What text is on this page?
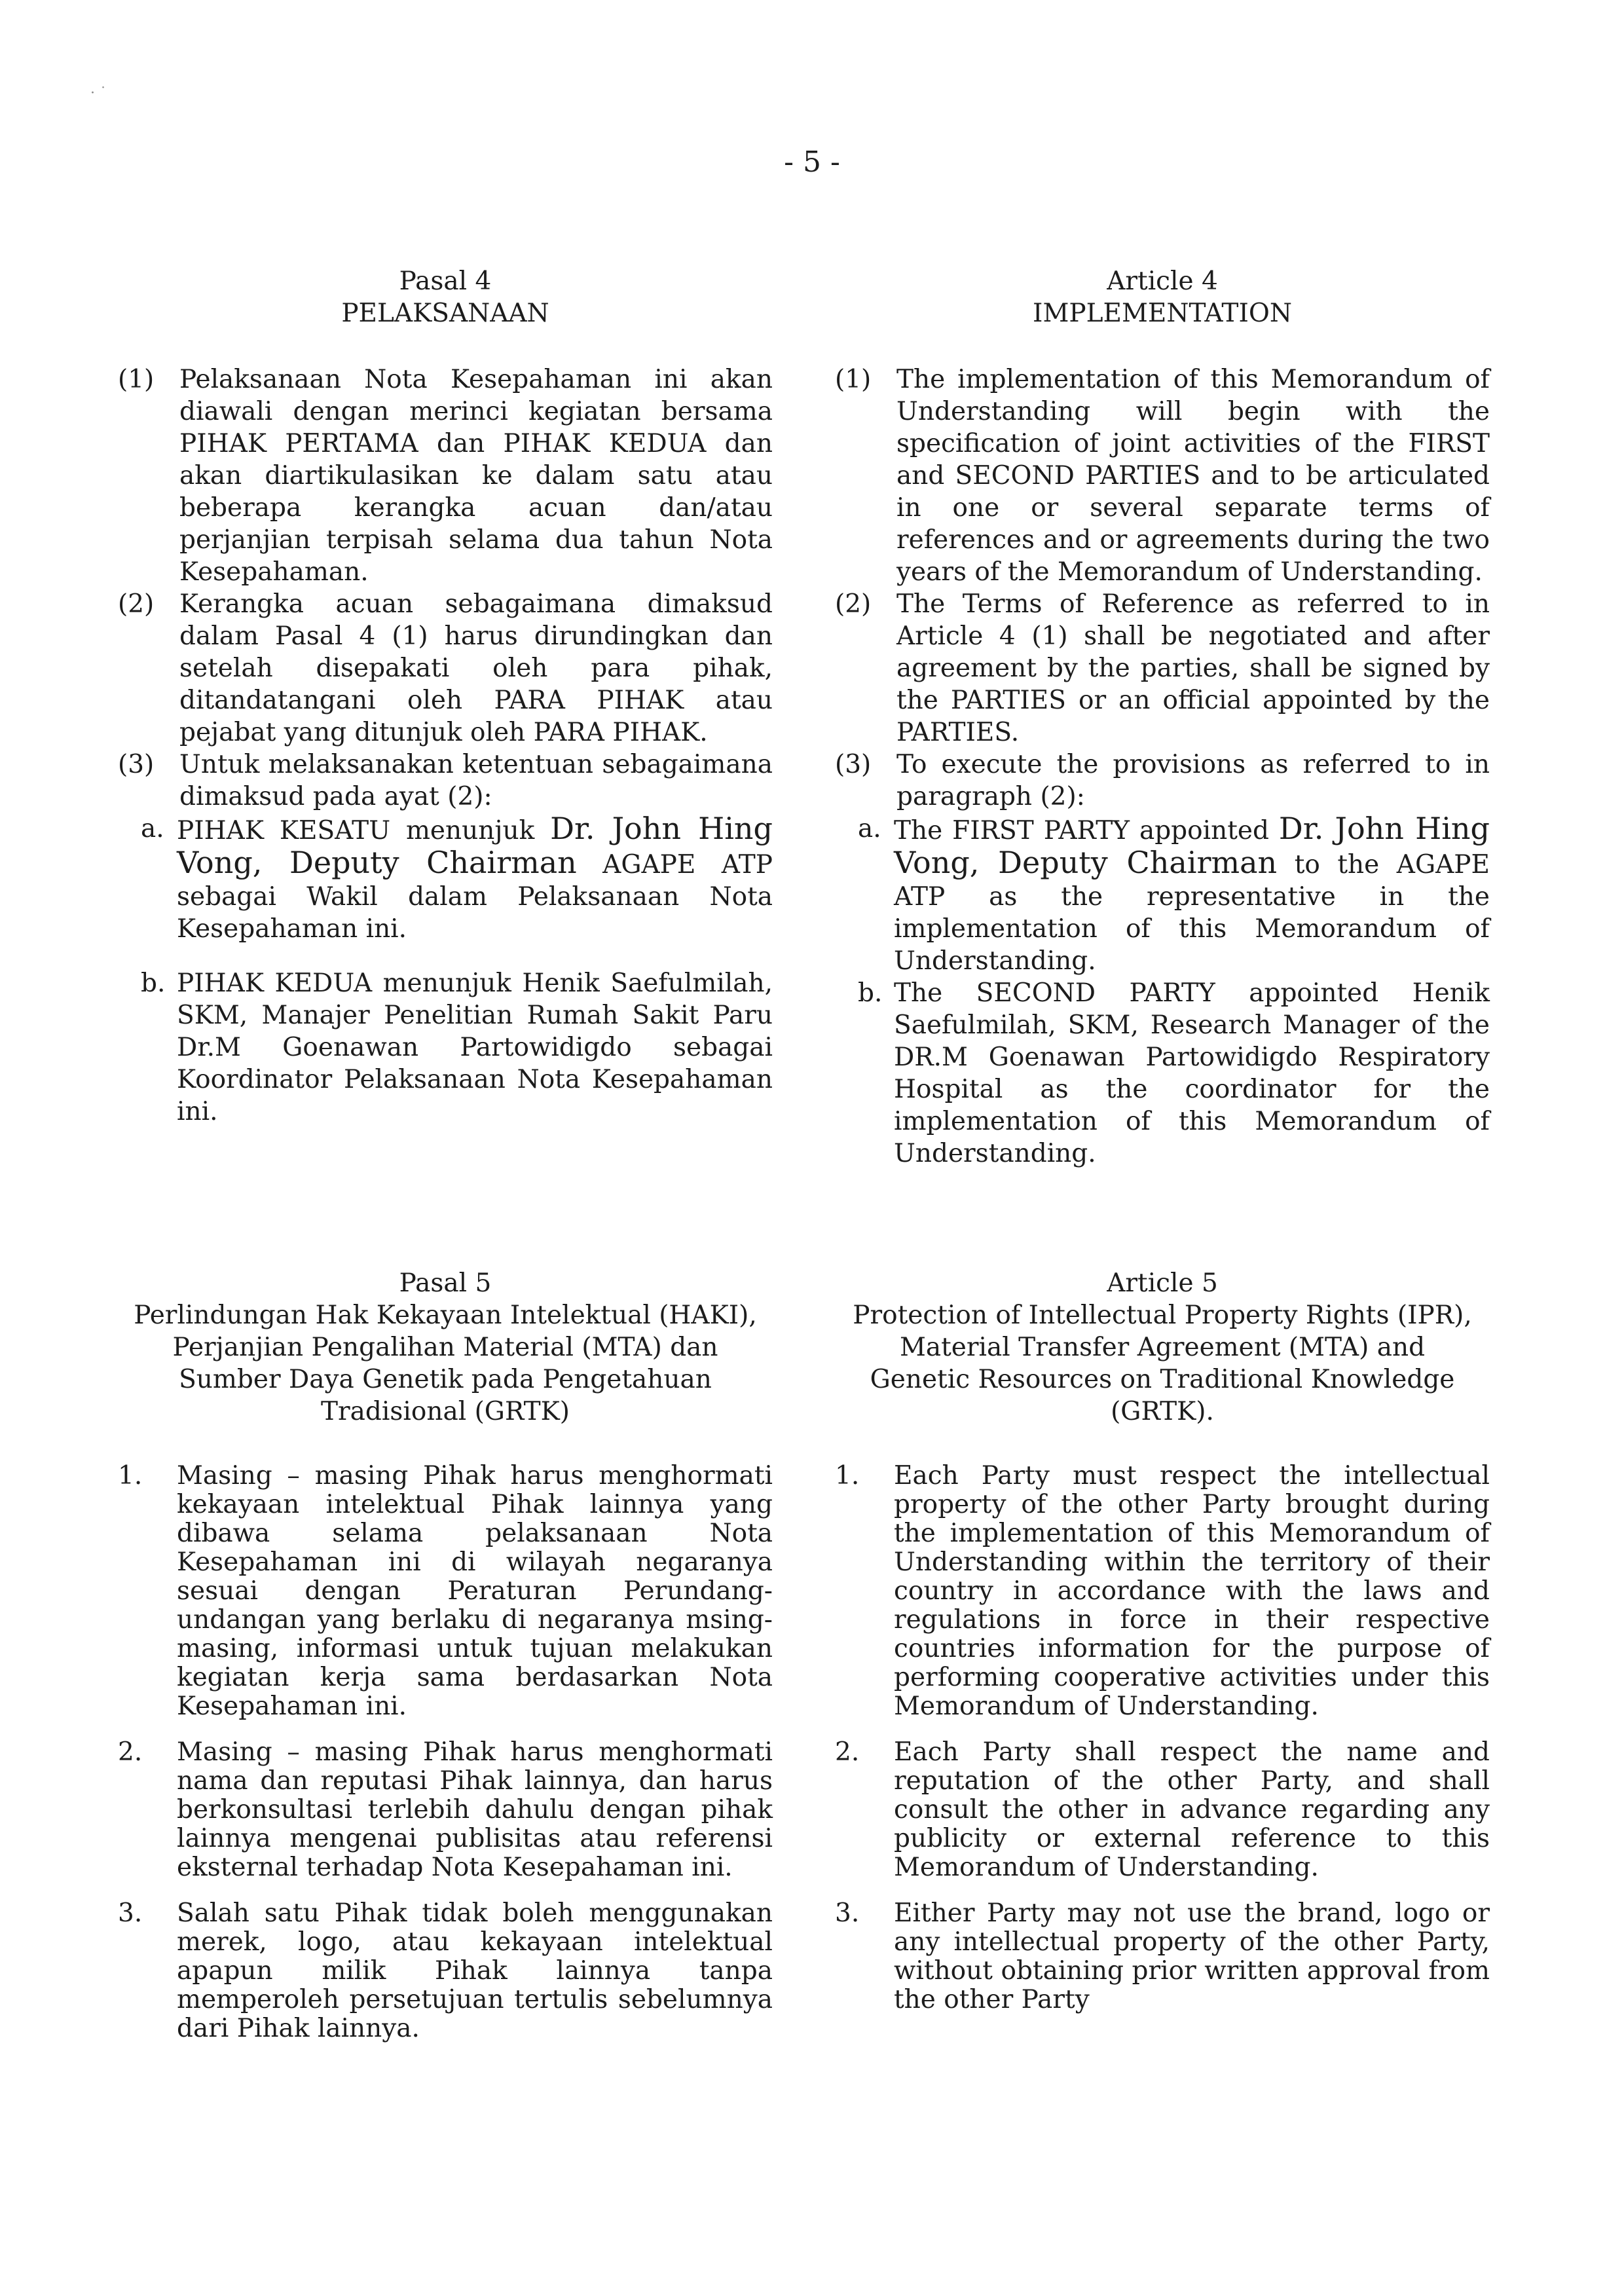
· ˙
- 5 -
Pasal 4
PELAKSANAAN
(1) Pelaksanaan Nota Kesepahaman ini akan diawali dengan merinci kegiatan bersama PIHAK PERTAMA dan PIHAK KEDUA dan akan diartikulasikan ke dalam satu atau beberapa kerangka acuan dan/atau perjanjian terpisah selama dua tahun Nota Kesepahaman.
(2) Kerangka acuan sebagaimana dimaksud dalam Pasal 4 (1) harus dirundingkan dan setelah disepakati oleh para pihak, ditandatangani oleh PARA PIHAK atau pejabat yang ditunjuk oleh PARA PIHAK.
(3) Untuk melaksanakan ketentuan sebagaimana dimaksud pada ayat (2):
a. PIHAK KESATU menunjuk Dr. John Hing Vong, Deputy Chairman AGAPE ATP sebagai Wakil dalam Pelaksanaan Nota Kesepahaman ini.
b. PIHAK KEDUA menunjuk Henik Saefulmilah, SKM, Manajer Penelitian Rumah Sakit Paru Dr.M Goenawan Partowidigdo sebagai Koordinator Pelaksanaan Nota Kesepahaman ini.
Article 4
IMPLEMENTATION
(1) The implementation of this Memorandum of Understanding will begin with the specification of joint activities of the FIRST and SECOND PARTIES and to be articulated in one or several separate terms of references and or agreements during the two years of the Memorandum of Understanding.
(2) The Terms of Reference as referred to in Article 4 (1) shall be negotiated and after agreement by the parties, shall be signed by the PARTIES or an official appointed by the PARTIES.
(3) To execute the provisions as referred to in paragraph (2):
a. The FIRST PARTY appointed Dr. John Hing Vong, Deputy Chairman to the AGAPE ATP as the representative in the implementation of this Memorandum of Understanding.
b. The SECOND PARTY appointed Henik Saefulmilah, SKM, Research Manager of the DR.M Goenawan Partowidigdo Respiratory Hospital as the coordinator for the implementation of this Memorandum of Understanding.
Pasal 5
Perlindungan Hak Kekayaan Intelektual (HAKI),
Perjanjian Pengalihan Material (MTA) dan
Sumber Daya Genetik pada Pengetahuan
Tradisional (GRTK)
1. Masing – masing Pihak harus menghormati kekayaan intelektual Pihak lainnya yang dibawa selama pelaksanaan Nota Kesepahaman ini di wilayah negaranya sesuai dengan Peraturan Perundang-undangan yang berlaku di negaranya msing-masing, informasi untuk tujuan melakukan kegiatan kerja sama berdasarkan Nota Kesepahaman ini.
2. Masing – masing Pihak harus menghormati nama dan reputasi Pihak lainnya, dan harus berkonsultasi terlebih dahulu dengan pihak lainnya mengenai publisitas atau referensi eksternal terhadap Nota Kesepahaman ini.
3. Salah satu Pihak tidak boleh menggunakan merek, logo, atau kekayaan intelektual apapun milik Pihak lainnya tanpa memperoleh persetujuan tertulis sebelumnya dari Pihak lainnya.
Article 5
Protection of Intellectual Property Rights (IPR),
Material Transfer Agreement (MTA) and
Genetic Resources on Traditional Knowledge
(GRTK).
1. Each Party must respect the intellectual property of the other Party brought during the implementation of this Memorandum of Understanding within the territory of their country in accordance with the laws and regulations in force in their respective countries information for the purpose of performing cooperative activities under this Memorandum of Understanding.
2. Each Party shall respect the name and reputation of the other Party, and shall consult the other in advance regarding any publicity or external reference to this Memorandum of Understanding.
3. Either Party may not use the brand, logo or any intellectual property of the other Party, without obtaining prior written approval from the other Party
